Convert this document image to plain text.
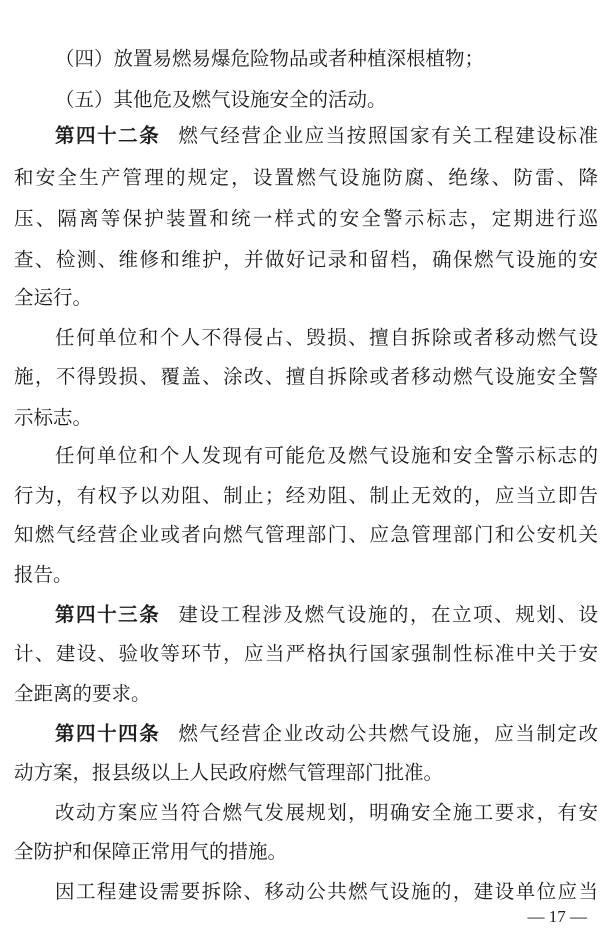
（四）放置易燃易爆危险物品或者种植深根植物；
（五）其他危及燃气设施安全的活动。
第四十二条 燃气经营企业应当按照国家有关工程建设标准
和安全生产管理的规定，设置燃气设施防腐、绝缘、防雷、降
压、隔离等保护装置和统一样式的安全警示标志，定期进行巡
查、检测、维修和维护，并做好记录和留档，确保燃气设施的安
全运行。
任何单位和个人不得侵占、毁损、擅自拆除或者移动燃气设
施，不得毁损、覆盖、涂改、擅自拆除或者移动燃气设施安全警
示标志。
任何单位和个人发现有可能危及燃气设施和安全警示标志的
行为，有权予以劝阻、制止；经劝阻、制止无效的，应当立即告
知燃气经营企业或者向燃气管理部门、应急管理部门和公安机关
报告。
第四十三条 建设工程涉及燃气设施的，在立项、规划、设
计、建设、验收等环节，应当严格执行国家强制性标准中关于安
全距离的要求。
第四十四条 燃气经营企业改动公共燃气设施，应当制定改
动方案，报县级以上人民政府燃气管理部门批准。
改动方案应当符合燃气发展规划，明确安全施工要求，有安
全防护和保障正常用气的措施。
因工程建设需要拆除、移动公共燃气设施的，建设单位应当
— 17 —
